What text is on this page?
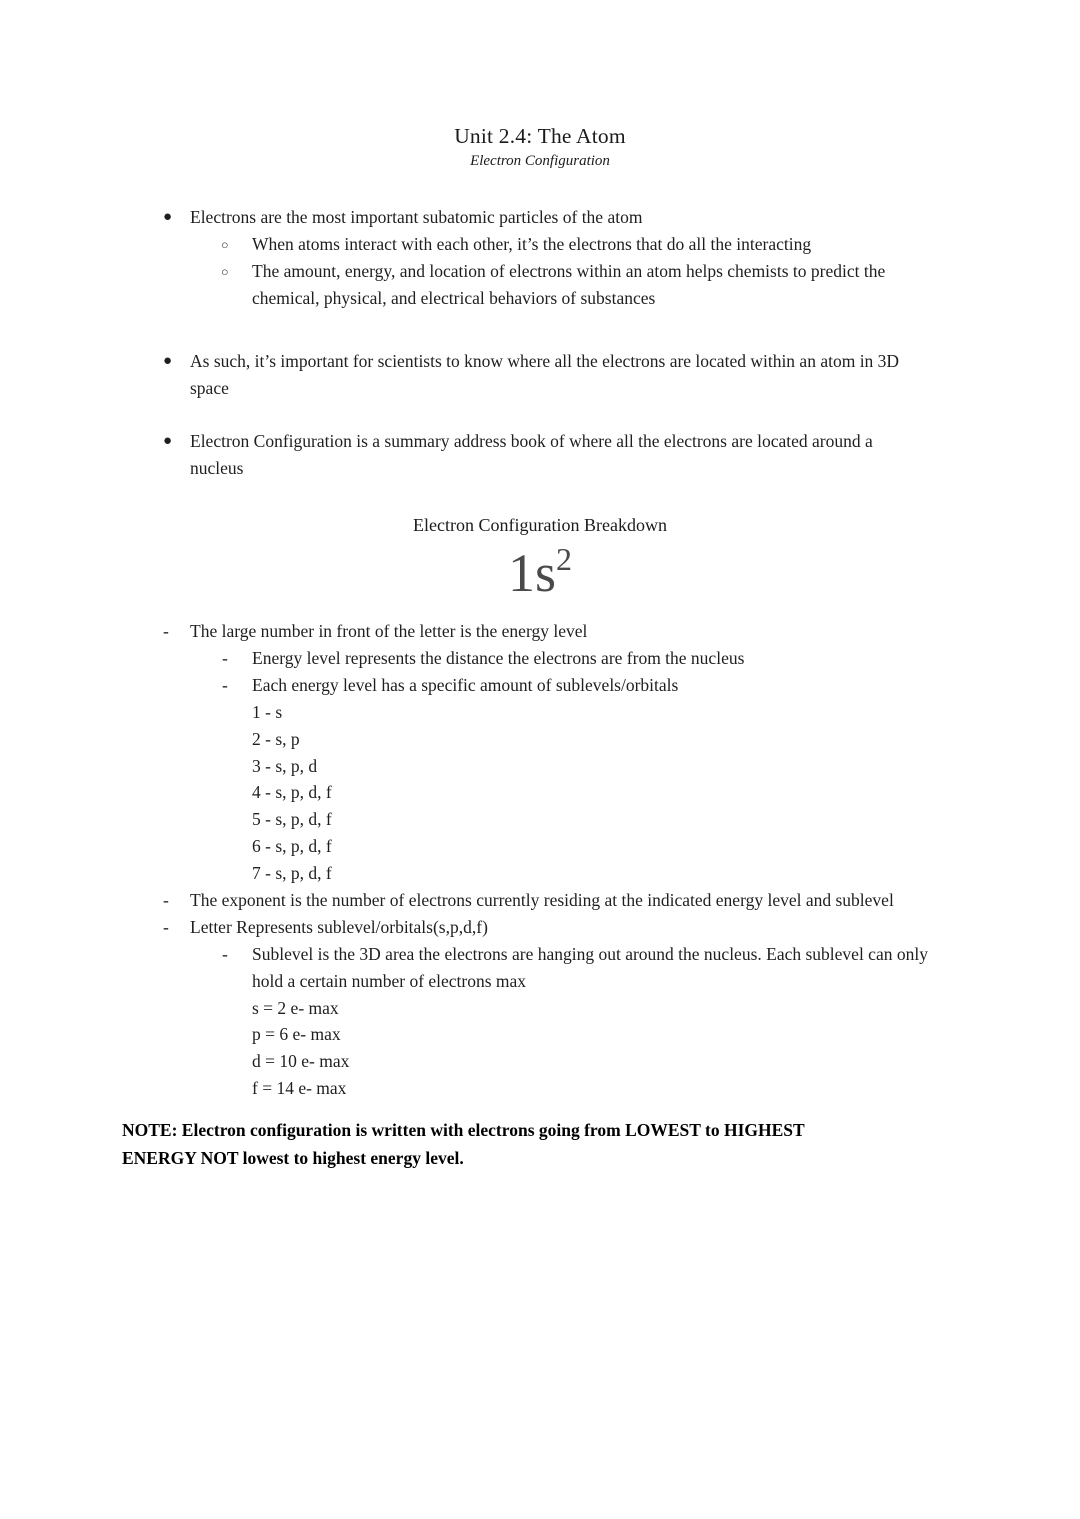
Unit 2.4: The Atom
Electron Configuration
● Electrons are the most important subatomic particles of the atom
○ When atoms interact with each other, it’s the electrons that do all the interacting
○ The amount, energy, and location of electrons within an atom helps chemists to predict the chemical, physical, and electrical behaviors of substances
● As such, it’s important for scientists to know where all the electrons are located within an atom in 3D space
● Electron Configuration is a summary address book of where all the electrons are located around a nucleus
Electron Configuration Breakdown
$1s^2$
- The large number in front of the letter is the energy level
- Energy level represents the distance the electrons are from the nucleus
- Each energy level has a specific amount of sublevels/orbitals
1 - s
2 - s, p
3 - s, p, d
4 - s, p, d, f
5 - s, p, d, f
6 - s, p, d, f
7 - s, p, d, f
- The exponent is the number of electrons currently residing at the indicated energy level and sublevel
- Letter Represents sublevel/orbitals(s,p,d,f)
- Sublevel is the 3D area the electrons are hanging out around the nucleus. Each sublevel can only hold a certain number of electrons max
s = 2 e- max
p = 6 e- max
d = 10 e- max
f = 14 e- max
NOTE: Electron configuration is written with electrons going from LOWEST to HIGHEST
ENERGY NOT lowest to highest energy level.
